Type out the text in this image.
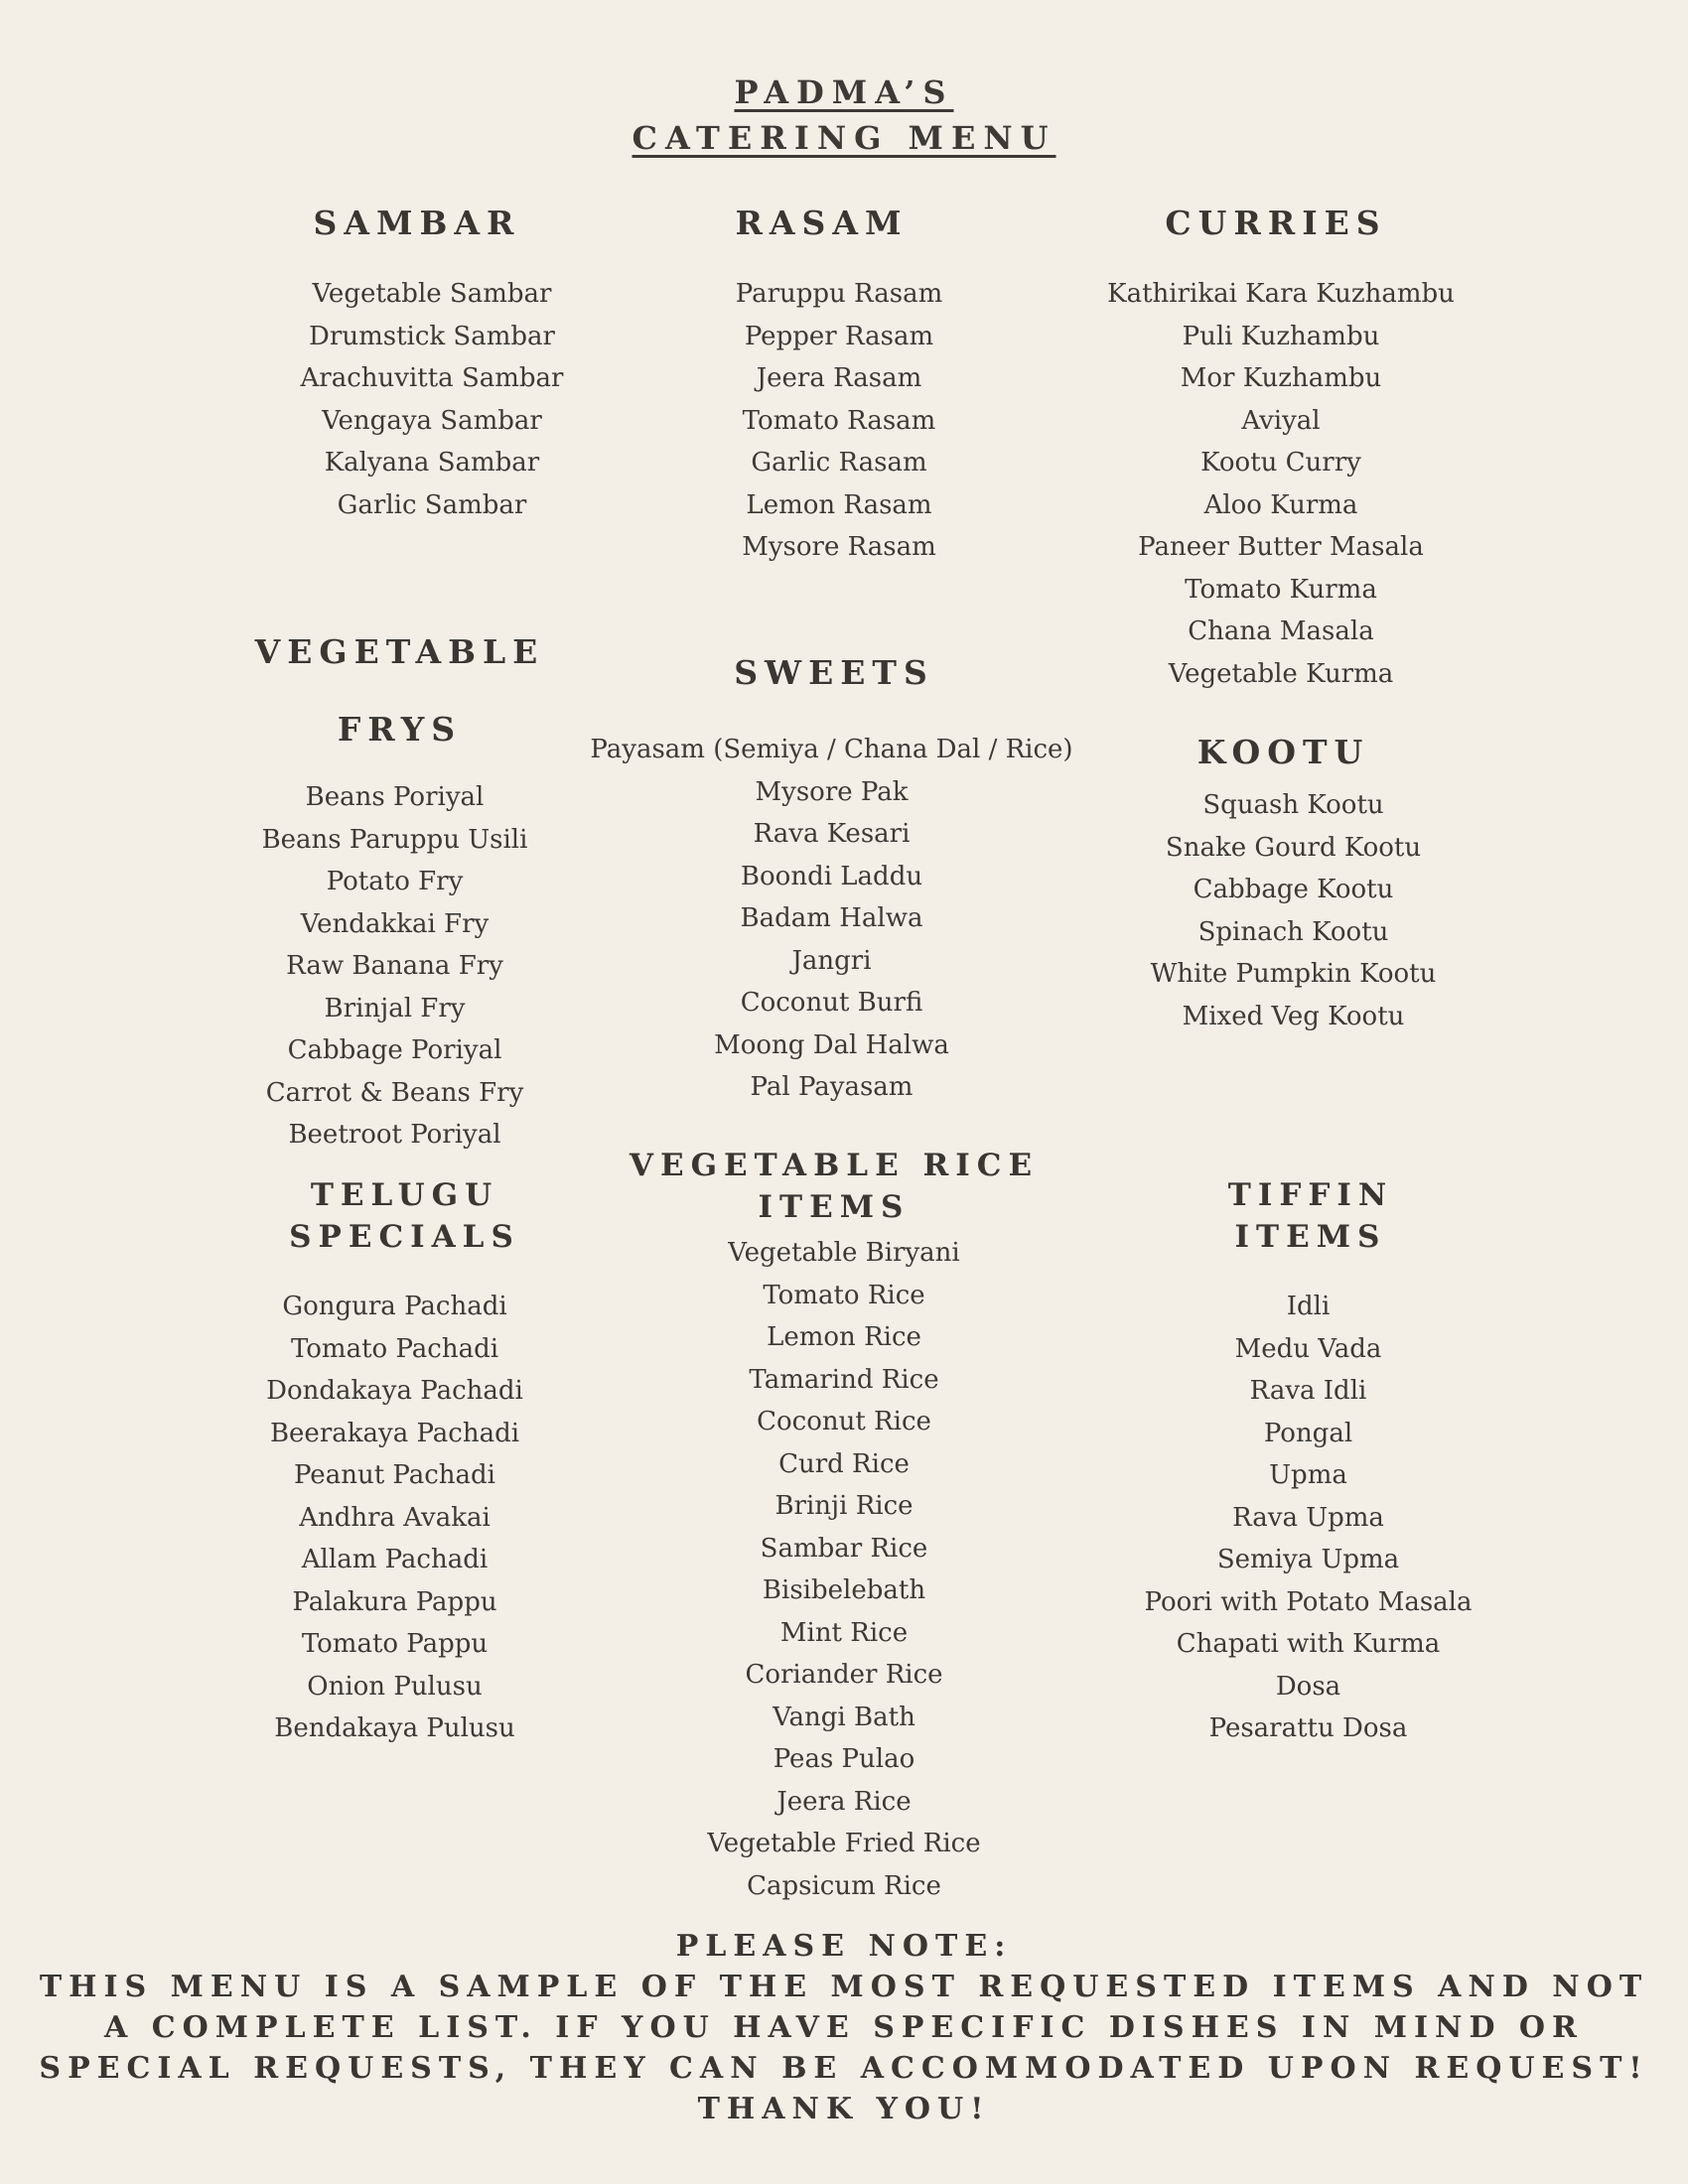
PADMA’S
CATERING MENU
SAMBAR
Vegetable Sambar
Drumstick Sambar
Arachuvitta Sambar
Vengaya Sambar
Kalyana Sambar
Garlic Sambar
RASAM
Paruppu Rasam
Pepper Rasam
Jeera Rasam
Tomato Rasam
Garlic Rasam
Lemon Rasam
Mysore Rasam
CURRIES
Kathirikai Kara Kuzhambu
Puli Kuzhambu
Mor Kuzhambu
Aviyal
Kootu Curry
Aloo Kurma
Paneer Butter Masala
Tomato Kurma
Chana Masala
Vegetable Kurma
VEGETABLE
FRYS
Beans Poriyal
Beans Paruppu Usili
Potato Fry
Vendakkai Fry
Raw Banana Fry
Brinjal Fry
Cabbage Poriyal
Carrot & Beans Fry
Beetroot Poriyal
SWEETS
Payasam (Semiya / Chana Dal / Rice)
Mysore Pak
Rava Kesari
Boondi Laddu
Badam Halwa
Jangri
Coconut Burfi
Moong Dal Halwa
Pal Payasam
KOOTU
Squash Kootu
Snake Gourd Kootu
Cabbage Kootu
Spinach Kootu
White Pumpkin Kootu
Mixed Veg Kootu
TELUGU SPECIALS
Gongura Pachadi
Tomato Pachadi
Dondakaya Pachadi
Beerakaya Pachadi
Peanut Pachadi
Andhra Avakai
Allam Pachadi
Palakura Pappu
Tomato Pappu
Onion Pulusu
Bendakaya Pulusu
VEGETABLE RICE
ITEMS
Vegetable Biryani
Tomato Rice
Lemon Rice
Tamarind Rice
Coconut Rice
Curd Rice
Brinji Rice
Sambar Rice
Bisibelebath
Mint Rice
Coriander Rice
Vangi Bath
Peas Pulao
Jeera Rice
Vegetable Fried Rice
Capsicum Rice
TIFFIN ITEMS
Idli
Medu Vada
Rava Idli
Pongal
Upma
Rava Upma
Semiya Upma
Poori with Potato Masala
Chapati with Kurma
Dosa
Pesarattu Dosa
PLEASE NOTE:
THIS MENU IS A SAMPLE OF THE MOST REQUESTED ITEMS AND NOT
A COMPLETE LIST. IF YOU HAVE SPECIFIC DISHES IN MIND OR
SPECIAL REQUESTS, THEY CAN BE ACCOMMODATED UPON REQUEST!
THANK YOU!
